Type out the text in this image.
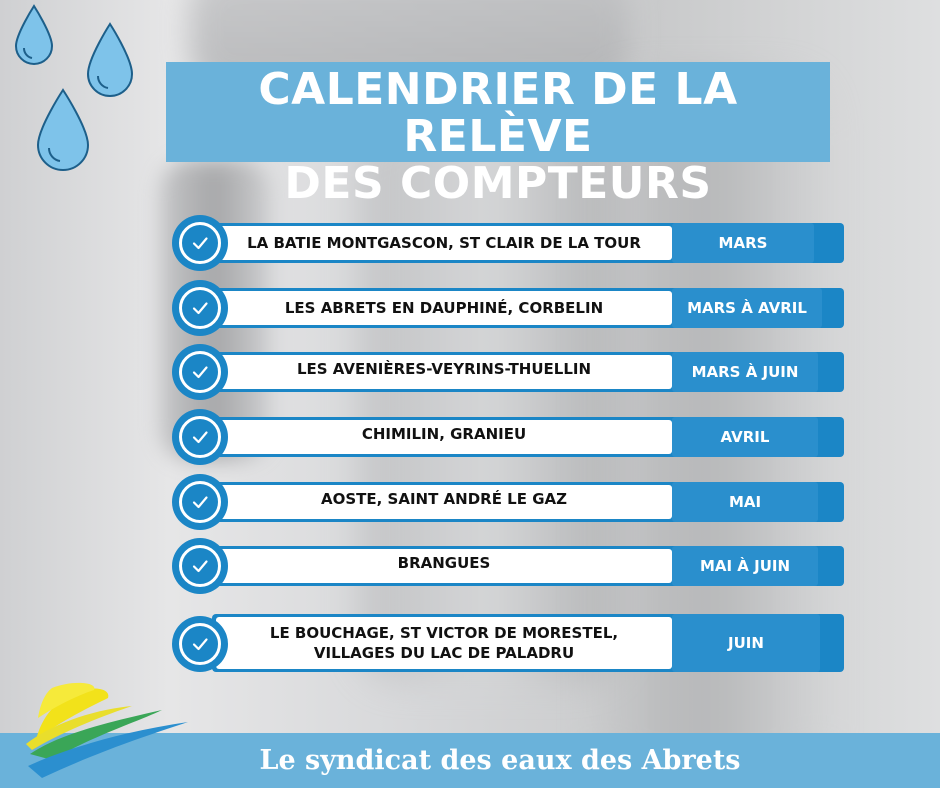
CALENDRIER DE LA RELÈVE
DES COMPTEURS
LA BATIE MONTGASCON, ST CLAIR DE LA TOUR	MARS
LES ABRETS EN DAUPHINÉ, CORBELIN	MARS À AVRIL
LES AVENIÈRES-VEYRINS-THUELLIN	MARS À JUIN
CHIMILIN, GRANIEU	AVRIL
AOSTE, SAINT ANDRÉ LE GAZ	MAI
BRANGUES	MAI À JUIN
LE BOUCHAGE, ST VICTOR DE MORESTEL,
VILLAGES DU LAC DE PALADRU
JUIN
Le syndicat des eaux des Abrets
